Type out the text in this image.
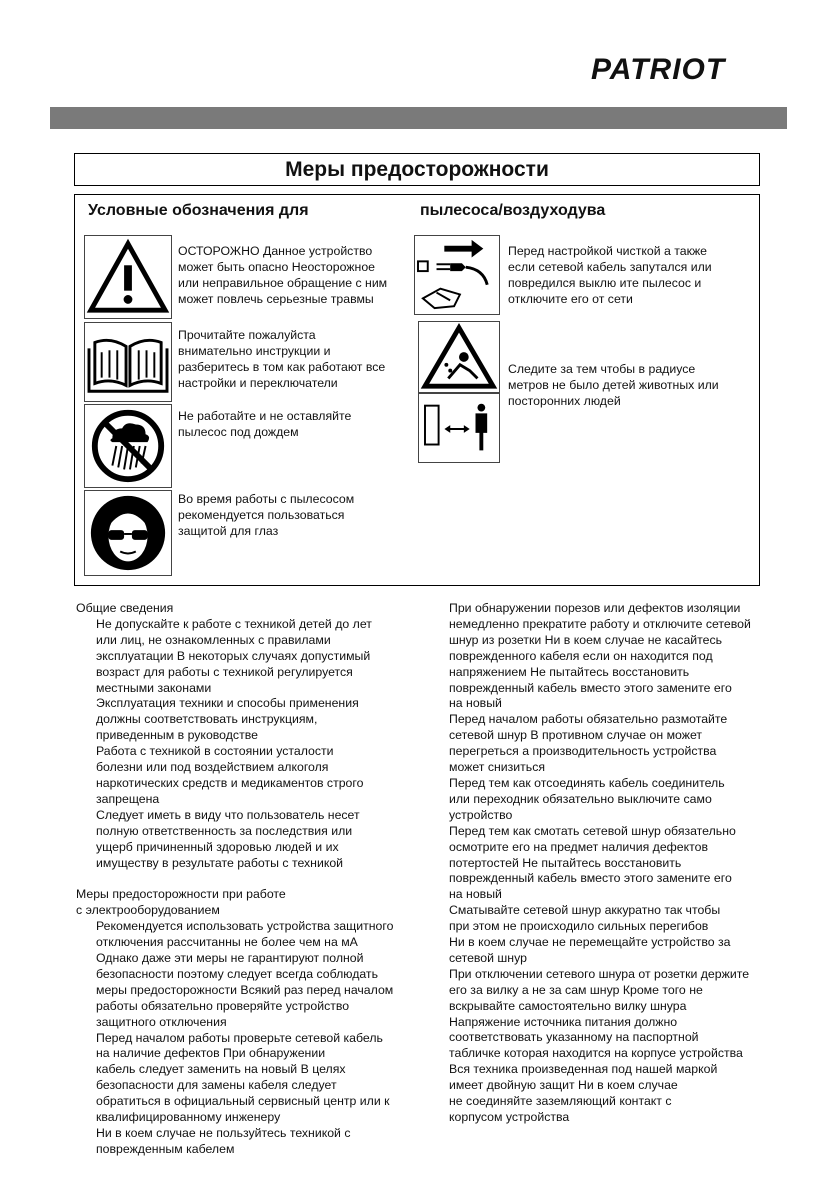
PATRIOT
Меры предосторожности
Условные обозначения для	пылесоса/воздуходува
ОСТОРОЖНО Данное устройство
может быть опасно Неосторожное
или неправильное обращение с ним
может повлечь серьезные травмы
Прочитайте пожалуйста
внимательно инструкции и
разберитесь в том как работают все
настройки и переключатели
Не работайте и не оставляйте
пылесос под дождем
Во время работы с пылесосом
рекомендуется пользоваться
защитой для глаз
Перед настройкой чисткой а также
если сетевой кабель запутался или
повредился выклю ите пылесос и
отключите его от сети
Следите за тем чтобы в радиусе
метров не было детей животных или
посторонних людей
Общие сведения
Не допускайте к работе с техникой детей до лет
или лиц, не ознакомленных с правилами
эксплуатации В некоторых случаях допустимый
возраст для работы с техникой регулируется
местными законами
Эксплуатация техники и способы применения
должны соответствовать инструкциям,
приведенным в руководстве
Работа с техникой в состоянии усталости
болезни или под воздействием алкоголя
наркотических средств и медикаментов строго
запрещена
Следует иметь в виду что пользователь несет
полную ответственность за последствия или
ущерб причиненный здоровью людей и их
имуществу в результате работы с техникой
Меры предосторожности при работе
с электрооборудованием
Рекомендуется использовать устройства защитного
отключения рассчитанны не более чем на мА
Однако даже эти меры не гарантируют полной
безопасности поэтому следует всегда соблюдать
меры предосторожности Всякий раз перед началом
работы обязательно проверяйте устройство
защитного отключения
Перед началом работы проверьте сетевой кабель
на наличие дефектов При обнаружении
кабель следует заменить на новый В целях
безопасности для замены кабеля следует
обратиться в официальный сервисный центр или к
квалифицированному инженеру
Ни в коем случае не пользуйтесь техникой с
поврежденным кабелем
При обнаружении порезов или дефектов изоляции
немедленно прекратите работу и отключите сетевой
шнур из розетки Ни в коем случае не касайтесь
поврежденного кабеля если он находится под
напряжением Не пытайтесь восстановить
поврежденный кабель вместо этого замените его
на новый
Перед началом работы обязательно размотайте
сетевой шнур В противном случае он может
перегреться а производительность устройства
может снизиться
Перед тем как отсоединять кабель соединитель
или переходник обязательно выключите само
устройство
Перед тем как смотать сетевой шнур обязательно
осмотрите его на предмет наличия дефектов
потертостей Не пытайтесь восстановить
поврежденный кабель вместо этого замените его
на новый
Сматывайте сетевой шнур аккуратно так чтобы
при этом не происходило сильных перегибов
Ни в коем случае не перемещайте устройство за
сетевой шнур
При отключении сетевого шнура от розетки держите
его за вилку а не за сам шнур Кроме того не
вскрывайте самостоятельно вилку шнура
Напряжение источника питания должно
соответствовать указанному на паспортной
табличке которая находится на корпусе устройства
Вся техника произведенная под нашей маркой
имеет двойную защит Ни в коем случае
не соединяйте заземляющий контакт с
корпусом устройства
